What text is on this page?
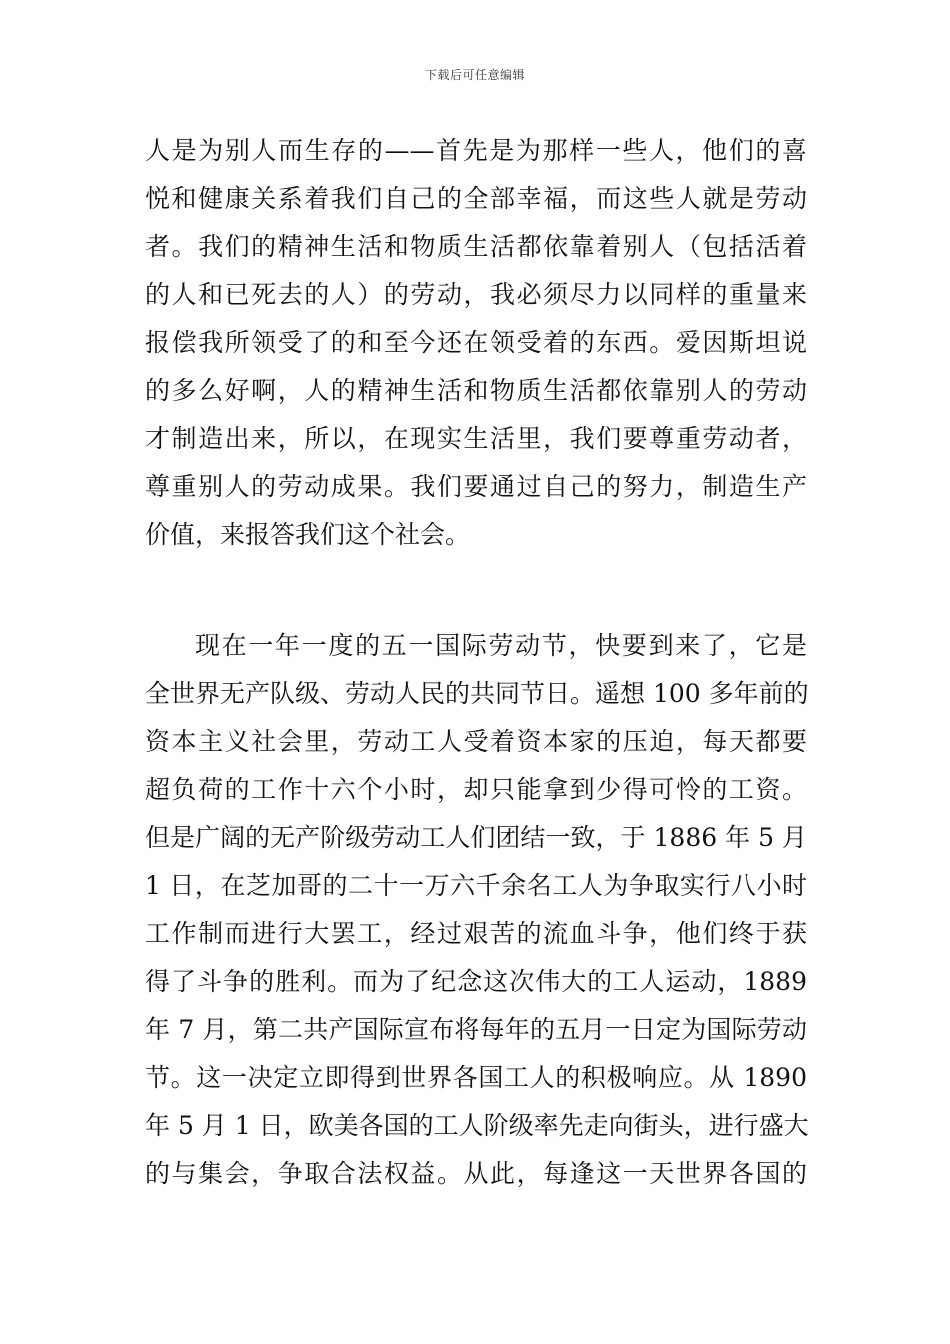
下载后可任意编辑
人是为别人而生存的——首先是为那样一些人，他们的喜
悦和健康关系着我们自己的全部幸福，而这些人就是劳动
者。我们的精神生活和物质生活都依靠着别人（包括活着
的人和已死去的人）的劳动，我必须尽力以同样的重量来
报偿我所领受了的和至今还在领受着的东西。爱因斯坦说
的多么好啊，人的精神生活和物质生活都依靠别人的劳动
才制造出来，所以，在现实生活里，我们要尊重劳动者，
尊重别人的劳动成果。我们要通过自己的努力，制造生产
价值，来报答我们这个社会。
现在一年一度的五一国际劳动节，快要到来了，它是
全世界无产队级、劳动人民的共同节日。遥想 100 多年前的
资本主义社会里，劳动工人受着资本家的压迫，每天都要
超负荷的工作十六个小时，却只能拿到少得可怜的工资。
但是广阔的无产阶级劳动工人们团结一致，于 1886 年 5 月
1 日，在芝加哥的二十一万六千余名工人为争取实行八小时
工作制而进行大罢工，经过艰苦的流血斗争，他们终于获
得了斗争的胜利。而为了纪念这次伟大的工人运动，1889
年 7 月，第二共产国际宣布将每年的五月一日定为国际劳动
节。这一决定立即得到世界各国工人的积极响应。从 1890
年 5 月 1 日，欧美各国的工人阶级率先走向街头，进行盛大
的与集会，争取合法权益。从此，每逢这一天世界各国的
